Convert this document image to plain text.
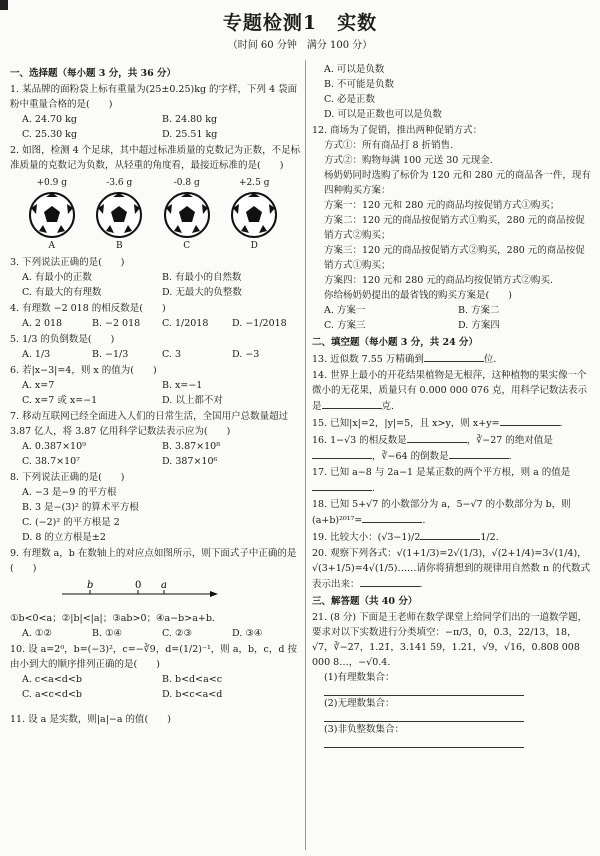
专题检测1　实数
（时间 60 分钟　满分 100 分）
一、选择题（每小题 3 分，共 36 分）
1. 某品牌的面粉袋上标有重量为(25±0.25)kg 的字样，下列 4 袋面粉中重量合格的是(　　)
A. 24.70 kg	B. 24.80 kg
C. 25.30 kg	D. 25.51 kg
2. 如图，检测 4 个足球，其中超过标准质量的克数记为正数，不足标准质量的克数记为负数，从轻重的角度看，最接近标准的是(　　)
+0.9 g
A
-3.6 g
B
-0.8 g
C
+2.5 g
D
3. 下列说法正确的是(　　)
A. 有最小的正数	B. 有最小的自然数
C. 有最大的有理数	D. 无最大的负整数
4. 有理数 −2 018 的相反数是(　　)
A. 2 018	B. −2 018	C. 1/2018	D. −1/2018
5. 1/3 的负倒数是(　　)
A. 1/3	B. −1/3	C. 3	D. −3
6. 若|x−3|=4，则 x 的值为(　　)
A. x=7	B. x=−1
C. x=7 或 x=−1	D. 以上都不对
7. 移动互联网已经全面进入人们的日常生活，全国用户总数量超过 3.87 亿人，将 3.87 亿用科学记数法表示应为(　　)
A. 0.387×10⁹	B. 3.87×10⁸
C. 38.7×10⁷	D. 387×10⁶
8. 下列说法正确的是(　　)
A. −3 是−9 的平方根
B. 3 是−(3)² 的算术平方根
C. (−2)² 的平方根是 2
D. 8 的立方根是±2
9. 有理数 a，b 在数轴上的对应点如图所示，则下面式子中正确的是(　　)
b	0 a
①b<0<a；②|b|<|a|；③ab>0；④a−b>a+b.
A. ①②	B. ①④	C. ②③	D. ③④
10. 设 a=2⁰，b=(−3)²，c=−∛9，d=(1/2)⁻¹，则 a，b，c，d 按由小到大的顺序排列正确的是(　　)
A. c<a<d<b	B. b<d<a<c
C. a<c<d<b	D. b<c<a<d
11. 设 a 是实数，则|a|−a 的值(　　)
A. 可以是负数
B. 不可能是负数
C. 必是正数
D. 可以是正数也可以是负数
12. 商场为了促销，推出两种促销方式：
方式①：所有商品打 8 折销售.
方式②：购物每满 100 元送 30 元现金.
杨奶奶同时选购了标价为 120 元和 280 元的商品各一件，现有四种购买方案：
方案一：120 元和 280 元的商品均按促销方式①购买；
方案二：120 元的商品按促销方式①购买，280 元的商品按促销方式②购买；
方案三：120 元的商品按促销方式②购买，280 元的商品按促销方式①购买；
方案四：120 元和 280 元的商品均按促销方式②购买.
你给杨奶奶提出的最省钱的购买方案是(　　)
A. 方案一	B. 方案二
C. 方案三	D. 方案四
二、填空题（每小题 3 分，共 24 分）
13. 近似数 7.55 万精确到	位.
14. 世界上最小的开花结果植物是无根萍，这种植物的果实像一个微小的无花果，质量只有 0.000 000 076 克，用科学记数法表示是	克.
15. 已知|x|=2，|y|=5，且 x>y，则 x+y=	.
16. 1−√3 的相反数是	，∛−27 的绝对值是，∛−64 的倒数是	.
17. 已知 a−8 与 2a−1 是某正数的两个平方根，则 a 的值是.
18. 已知 5+√7 的小数部分为 a，5−√7 的小数部分为 b，则(a+b)²⁰¹⁷=	.
19. 比较大小：(√3−1)/2	1/2.
20. 观察下列各式：√(1+1/3)=2√(1/3)，√(2+1/4)=3√(1/4)，√(3+1/5)=4√(1/5)……请你将猜想到的规律用自然数 n 的代数式表示出来：	.
三、解答题（共 40 分）
21. (8 分) 下面是王老师在数学课堂上给同学们出的一道数学题，要求对以下实数进行分类填空：−π/3，0，0.3̇，22/13，18，√7，∛−27，1.2̇1̇，3.141 59，1.21，√9，√16，0.808 008 000 8…，−√0.4.
(1)有理数集合：
(2)无理数集合：
(3)非负整数集合：
